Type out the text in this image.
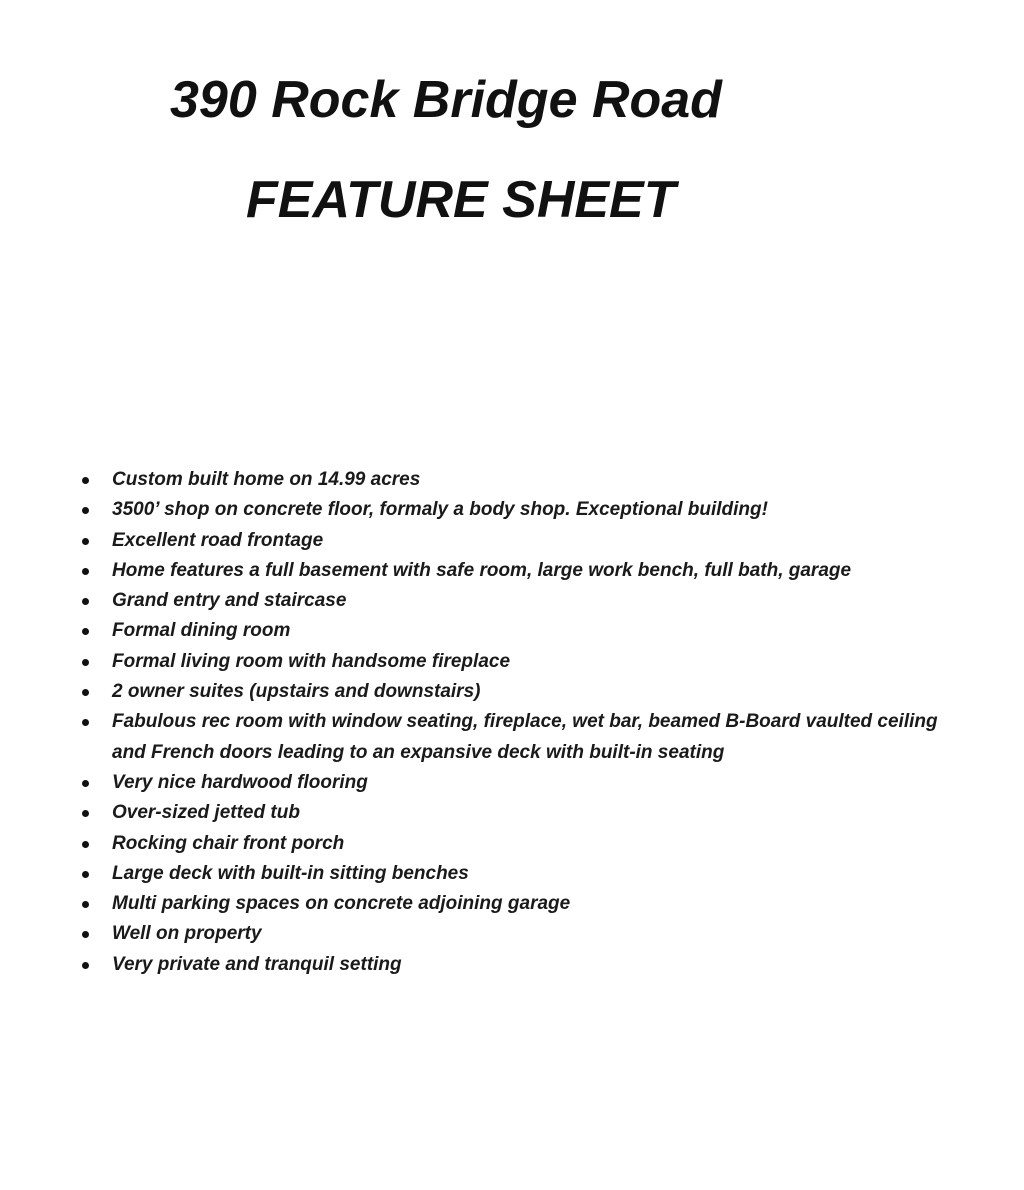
390 Rock Bridge Road
FEATURE SHEET
Custom built home on 14.99 acres
3500’ shop on concrete floor, formaly a body shop. Exceptional building!
Excellent road frontage
Home features a full basement with safe room, large work bench, full bath, garage
Grand entry and staircase
Formal dining room
Formal living room with handsome fireplace
2 owner suites (upstairs and downstairs)
Fabulous rec room with window seating, fireplace, wet bar, beamed B-Board vaulted ceiling and French doors leading to an expansive deck with built-in seating
Very nice hardwood flooring
Over-sized jetted tub
Rocking chair front porch
Large deck with built-in sitting benches
Multi parking spaces on concrete adjoining garage
Well on property
Very private and tranquil setting
